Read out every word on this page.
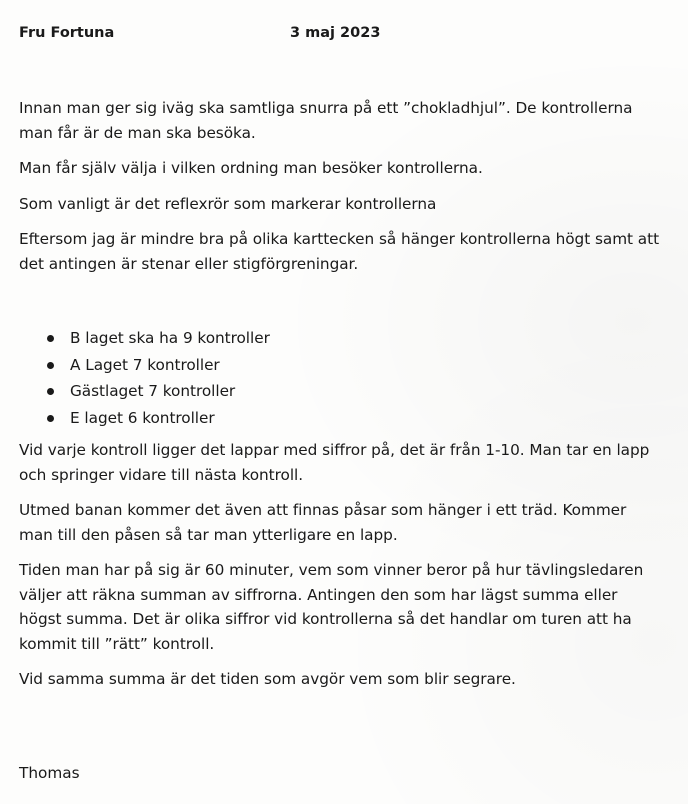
Fru Fortuna	3 maj 2023

Innan man ger sig iväg ska samtliga snurra på ett ”chokladhjul”. De kontrollerna man får är de man ska besöka.

Man får själv välja i vilken ordning man besöker kontrollerna.

Som vanligt är det reflexrör som markerar kontrollerna

Eftersom jag är mindre bra på olika karttecken så hänger kontrollerna högt samt att det antingen är stenar eller stigförgreningar.

B laget ska ha 9 kontroller
A Laget 7 kontroller
Gästlaget 7 kontroller
E laget 6 kontroller

Vid varje kontroll ligger det lappar med siffror på, det är från 1-10. Man tar en lapp och springer vidare till nästa kontroll.

Utmed banan kommer det även att finnas påsar som hänger i ett träd. Kommer man till den påsen så tar man ytterligare en lapp.

Tiden man har på sig är 60 minuter, vem som vinner beror på hur tävlingsledaren väljer att räkna summan av siffrorna. Antingen den som har lägst summa eller högst summa. Det är olika siffror vid kontrollerna så det handlar om turen att ha kommit till ”rätt” kontroll.

Vid samma summa är det tiden som avgör vem som blir segrare.

Thomas
